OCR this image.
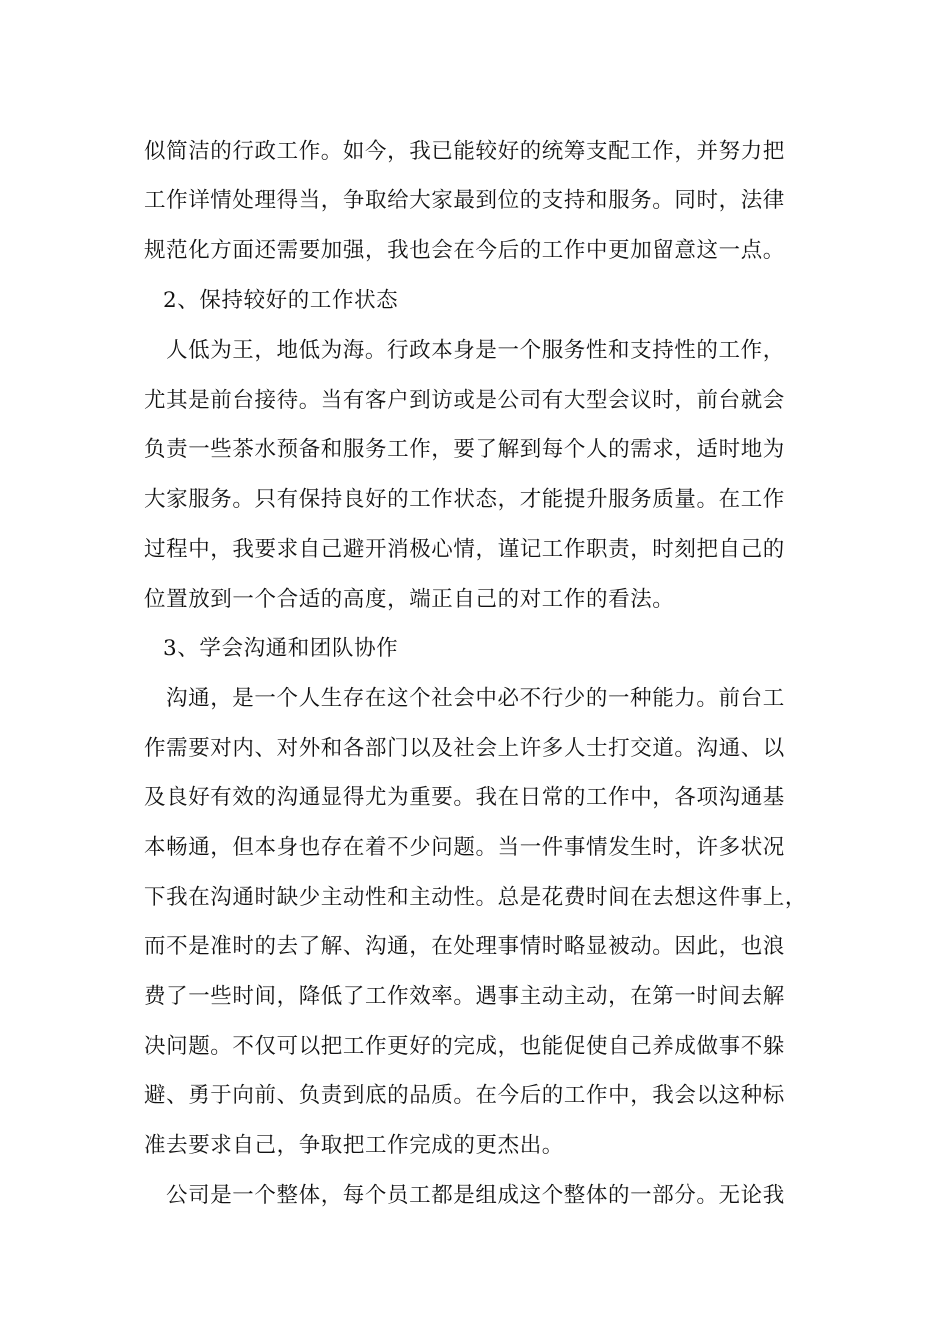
似简洁的行政工作。如今，我已能较好的统筹支配工作，并努力把
工作详情处理得当，争取给大家最到位的支持和服务。同时，法律
规范化方面还需要加强，我也会在今后的工作中更加留意这一点。
2、保持较好的工作状态
人低为王，地低为海。行政本身是一个服务性和支持性的工作，
尤其是前台接待。当有客户到访或是公司有大型会议时，前台就会
负责一些茶水预备和服务工作，要了解到每个人的需求，适时地为
大家服务。只有保持良好的工作状态，才能提升服务质量。在工作
过程中，我要求自己避开消极心情，谨记工作职责，时刻把自己的
位置放到一个合适的高度，端正自己的对工作的看法。
3、学会沟通和团队协作
沟通，是一个人生存在这个社会中必不行少的一种能力。前台工
作需要对内、对外和各部门以及社会上许多人士打交道。沟通、以
及良好有效的沟通显得尤为重要。我在日常的工作中，各项沟通基
本畅通，但本身也存在着不少问题。当一件事情发生时，许多状况
下我在沟通时缺少主动性和主动性。总是花费时间在去想这件事上，
而不是准时的去了解、沟通，在处理事情时略显被动。因此，也浪
费了一些时间，降低了工作效率。遇事主动主动，在第一时间去解
决问题。不仅可以把工作更好的完成，也能促使自己养成做事不躲
避、勇于向前、负责到底的品质。在今后的工作中，我会以这种标
准去要求自己，争取把工作完成的更杰出。
公司是一个整体，每个员工都是组成这个整体的一部分。无论我
